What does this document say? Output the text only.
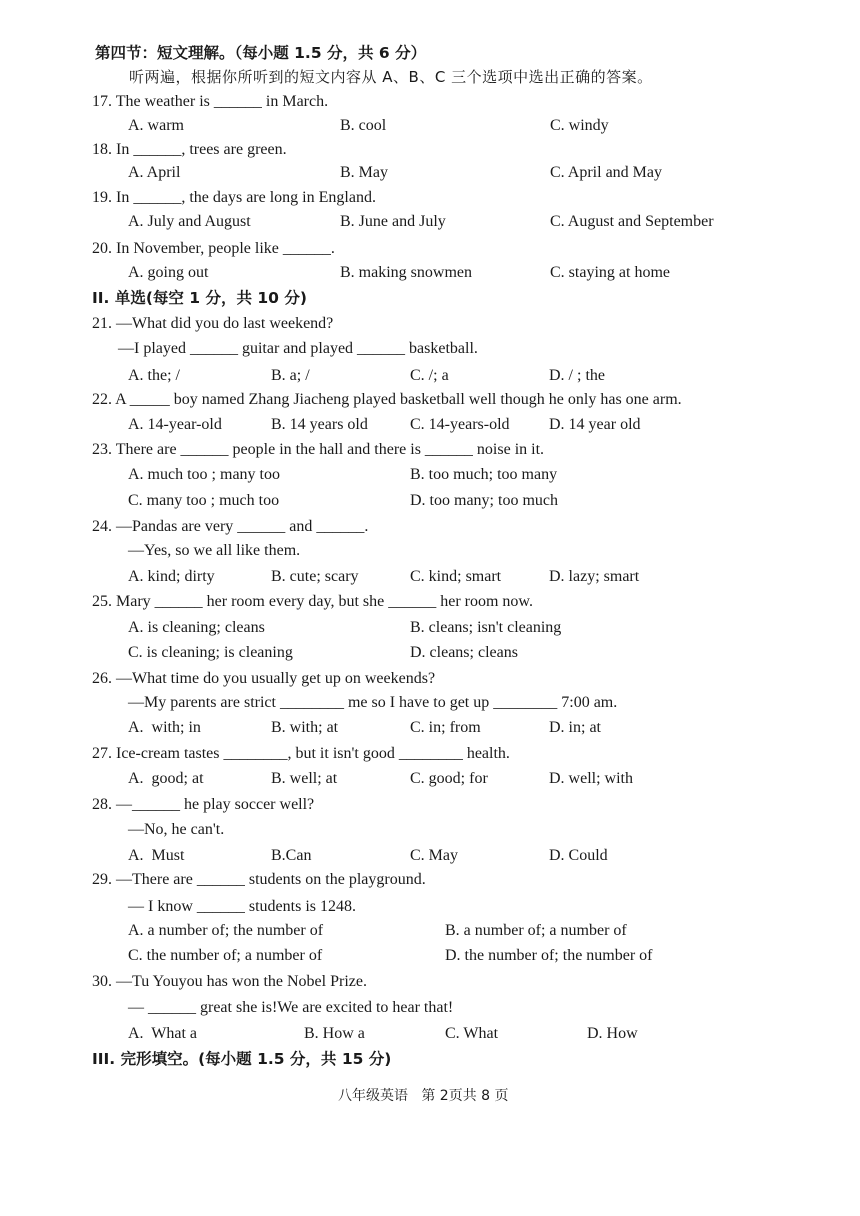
第四节：短文理解。（每小题 1.5 分，共 6 分）
听两遍，根据你所听到的短文内容从 A、B、C 三个选项中选出正确的答案。
17. The weather is ______ in March.
A. warm	B. cool	C. windy
18. In ______, trees are green.
A. April	B. May	C. April and May
19. In ______, the days are long in England.
A. July and August	B. June and July	C. August and September
20. In November, people like ______.
A. going out	B. making snowmen	C. staying at home
II. 单选(每空 1 分，共 10 分)
21. —What did you do last weekend?
—I played ______ guitar and played ______ basketball.
A. the; /	B. a; /	C. /; a	D. / ; the
22. A _____ boy named Zhang Jiacheng played basketball well though he only has one arm.
A. 14-year-old	B. 14 years old	C. 14-years-old D. 14 year old
23. There are ______ people in the hall and there is ______ noise in it.
A. much too ; many too	B. too much; too many
C. many too ; much too	D. too many; too much
24. —Pandas are very ______ and ______.
—Yes, so we all like them.
A. kind; dirty	B. cute; scary	C. kind; smart	D. lazy; smart
25. Mary ______ her room every day, but she ______ her room now.
A. is cleaning; cleans	B. cleans; isn't cleaning
C. is cleaning; is cleaning	D. cleans; cleans
26. —What time do you usually get up on weekends?
—My parents are strict ________ me so I have to get up ________ 7:00 am.
A.  with; in	B. with; at	C. in; from	D. in; at
27. Ice-cream tastes ________, but it isn't good ________ health.
A.  good; at	B. well; at	C. good; for	D. well; with
28. —______ he play soccer well?
—No, he can't.
A.  Must	B.Can	C. May	D. Could
29. —There are ______ students on the playground.
— I know ______ students is 1248.
A. a number of; the number of	B. a number of; a number of
C. the number of; a number of	D. the number of; the number of
30. —Tu Youyou has won the Nobel Prize.
— ______ great she is!We are excited to hear that!
A.  What a	B. How a	C. What	D. How
III. 完形填空。(每小题 1.5 分，共 15 分)
八年级英语   第 2页共 8 页
